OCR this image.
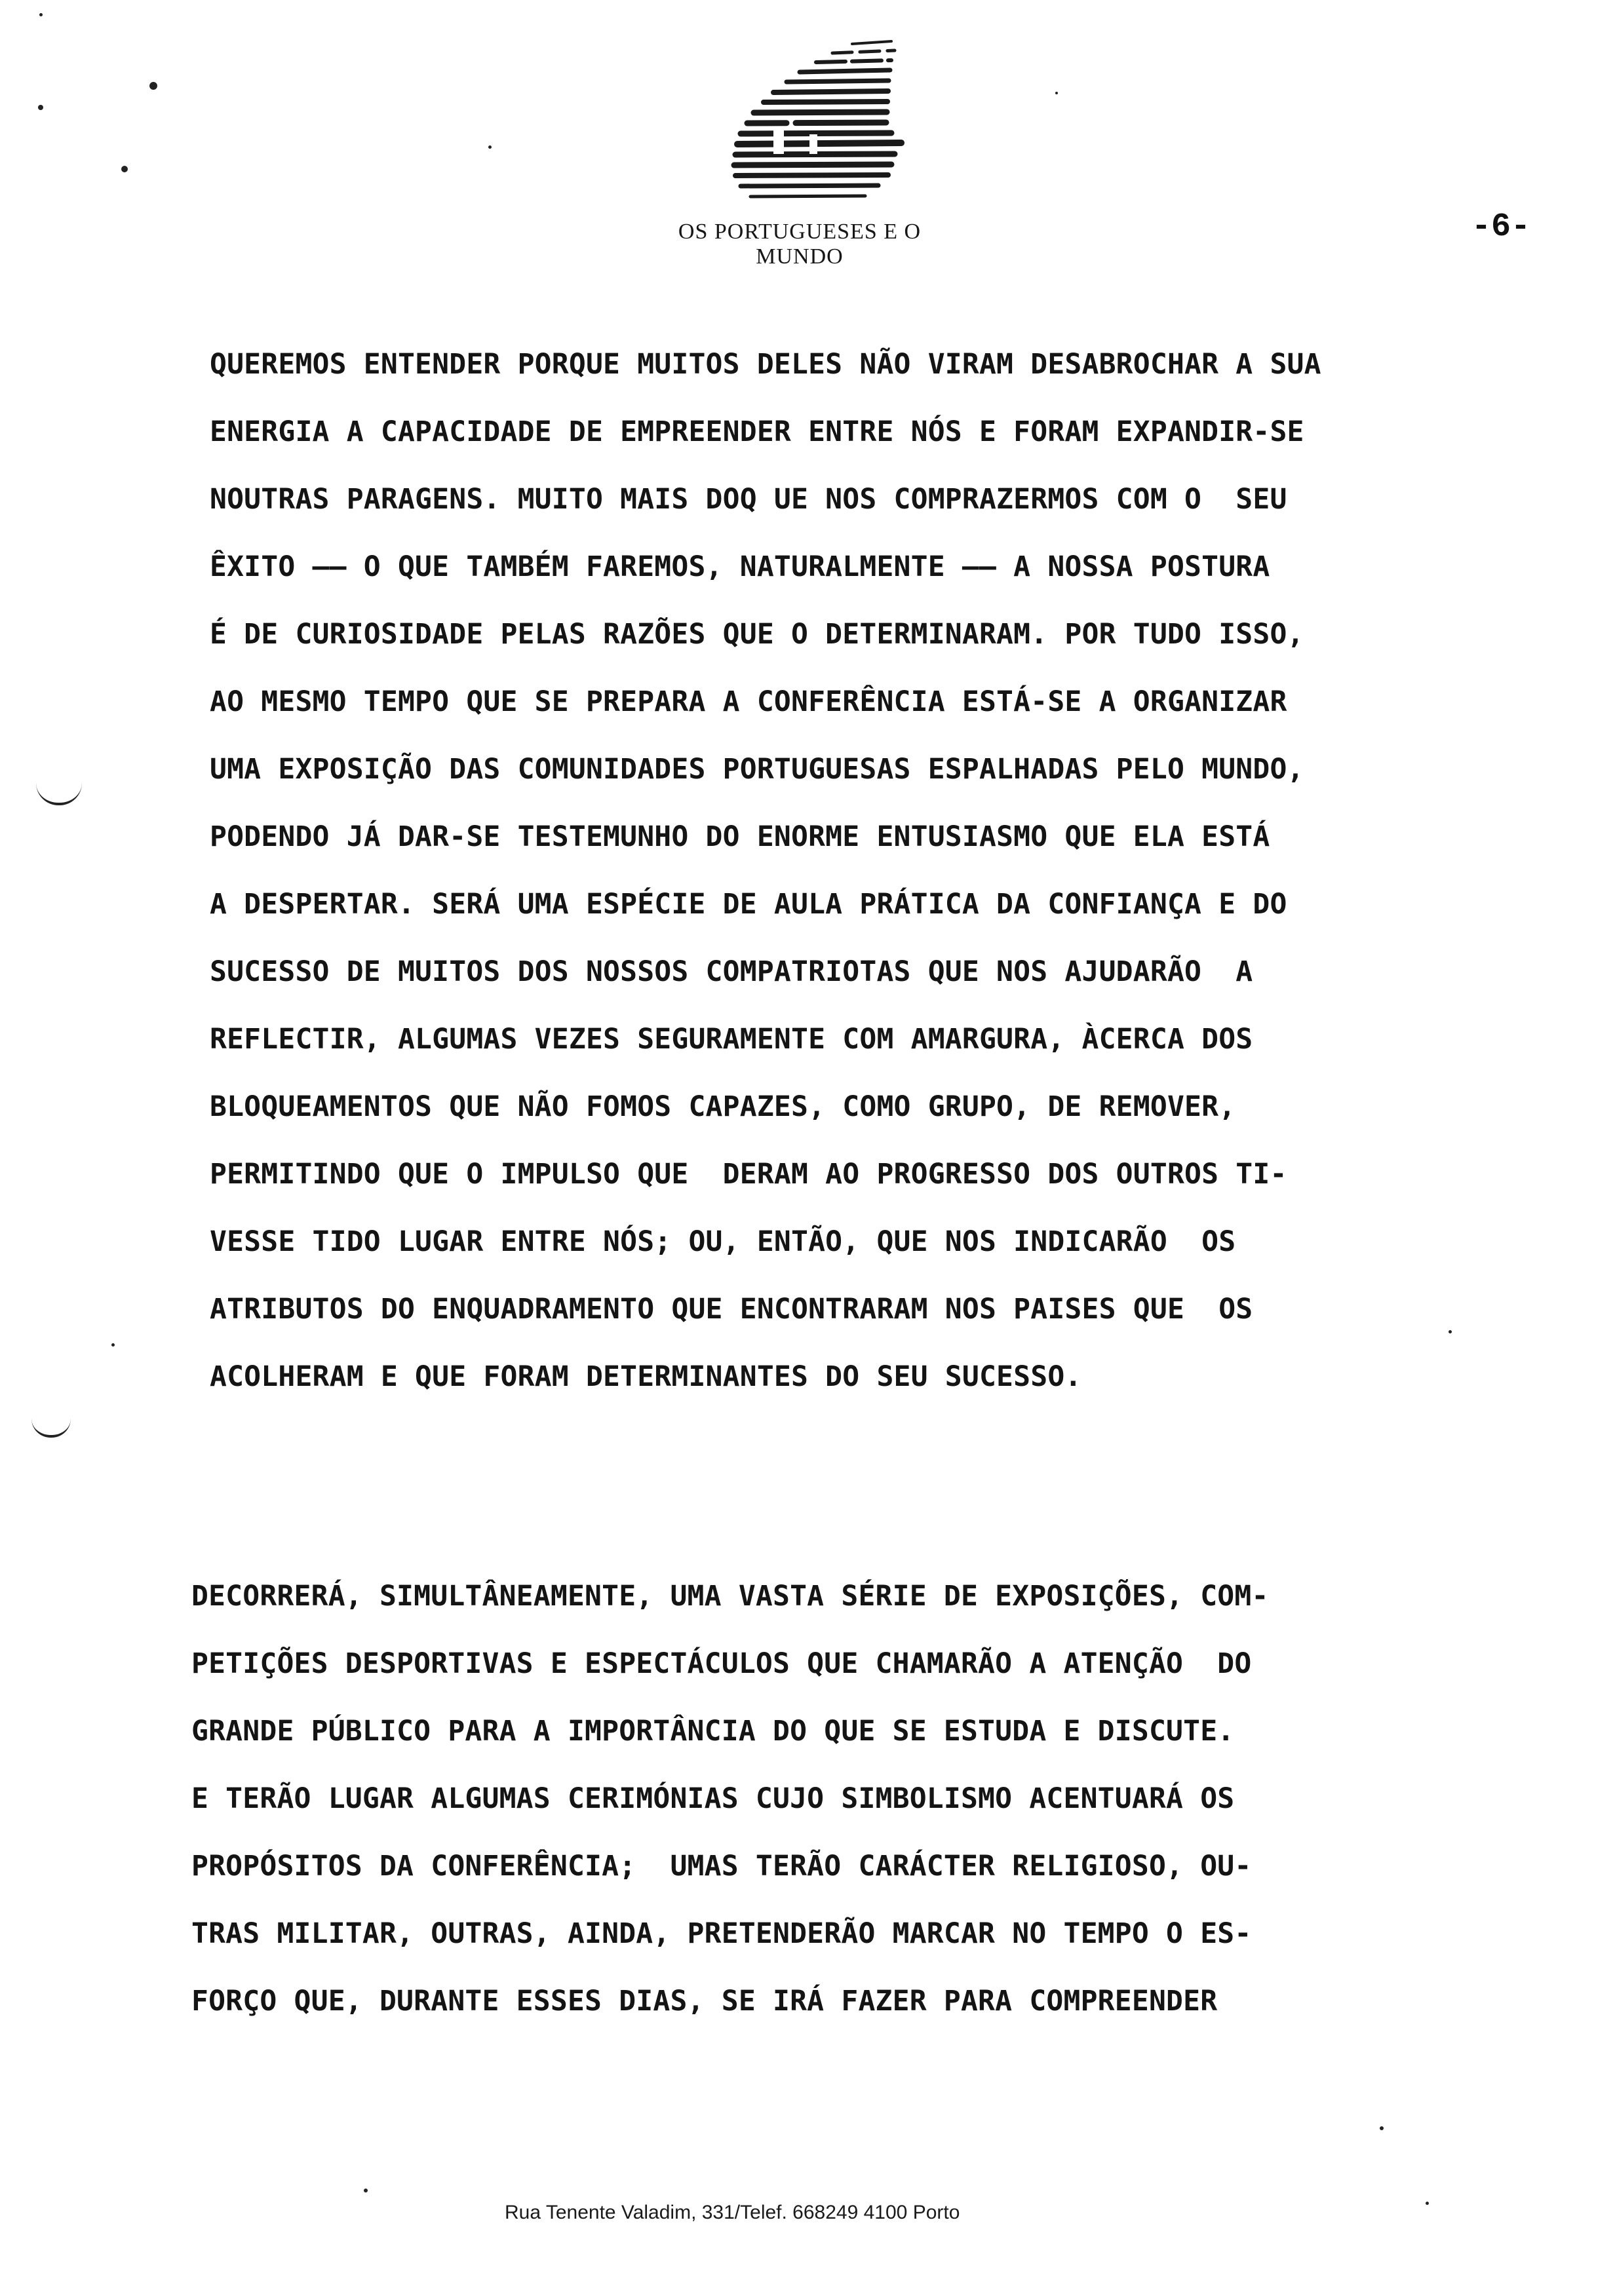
OS PORTUGUESES E O MUNDO
-6-
QUEREMOS ENTENDER PORQUE MUITOS DELES NÃO VIRAM DESABROCHAR A SUA
ENERGIA A CAPACIDADE DE EMPREENDER ENTRE NÓS E FORAM EXPANDIR-SE
NOUTRAS PARAGENS. MUITO MAIS DOQ UE NOS COMPRAZERMOS COM O  SEU
ÊXITO —— O QUE TAMBÉM FAREMOS, NATURALMENTE —— A NOSSA POSTURA
É DE CURIOSIDADE PELAS RAZÕES QUE O DETERMINARAM. POR TUDO ISSO,
AO MESMO TEMPO QUE SE PREPARA A CONFERÊNCIA ESTÁ-SE A ORGANIZAR
UMA EXPOSIÇÃO DAS COMUNIDADES PORTUGUESAS ESPALHADAS PELO MUNDO,
PODENDO JÁ DAR-SE TESTEMUNHO DO ENORME ENTUSIASMO QUE ELA ESTÁ
A DESPERTAR. SERÁ UMA ESPÉCIE DE AULA PRÁTICA DA CONFIANÇA E DO
SUCESSO DE MUITOS DOS NOSSOS COMPATRIOTAS QUE NOS AJUDARÃO  A
REFLECTIR, ALGUMAS VEZES SEGURAMENTE COM AMARGURA, ÀCERCA DOS
BLOQUEAMENTOS QUE NÃO FOMOS CAPAZES, COMO GRUPO, DE REMOVER,
PERMITINDO QUE O IMPULSO QUE  DERAM AO PROGRESSO DOS OUTROS TI-
VESSE TIDO LUGAR ENTRE NÓS; OU, ENTÃO, QUE NOS INDICARÃO  OS
ATRIBUTOS DO ENQUADRAMENTO QUE ENCONTRARAM NOS PAISES QUE  OS
ACOLHERAM E QUE FORAM DETERMINANTES DO SEU SUCESSO.
DECORRERÁ, SIMULTÂNEAMENTE, UMA VASTA SÉRIE DE EXPOSIÇÕES, COM-
PETIÇÕES DESPORTIVAS E ESPECTÁCULOS QUE CHAMARÃO A ATENÇÃO  DO
GRANDE PÚBLICO PARA A IMPORTÂNCIA DO QUE SE ESTUDA E DISCUTE.
E TERÃO LUGAR ALGUMAS CERIMÓNIAS CUJO SIMBOLISMO ACENTUARÁ OS
PROPÓSITOS DA CONFERÊNCIA;  UMAS TERÃO CARÁCTER RELIGIOSO, OU-
TRAS MILITAR, OUTRAS, AINDA, PRETENDERÃO MARCAR NO TEMPO O ES-
FORÇO QUE, DURANTE ESSES DIAS, SE IRÁ FAZER PARA COMPREENDER
Rua Tenente Valadim, 331/Telef. 668249 4100 Porto
